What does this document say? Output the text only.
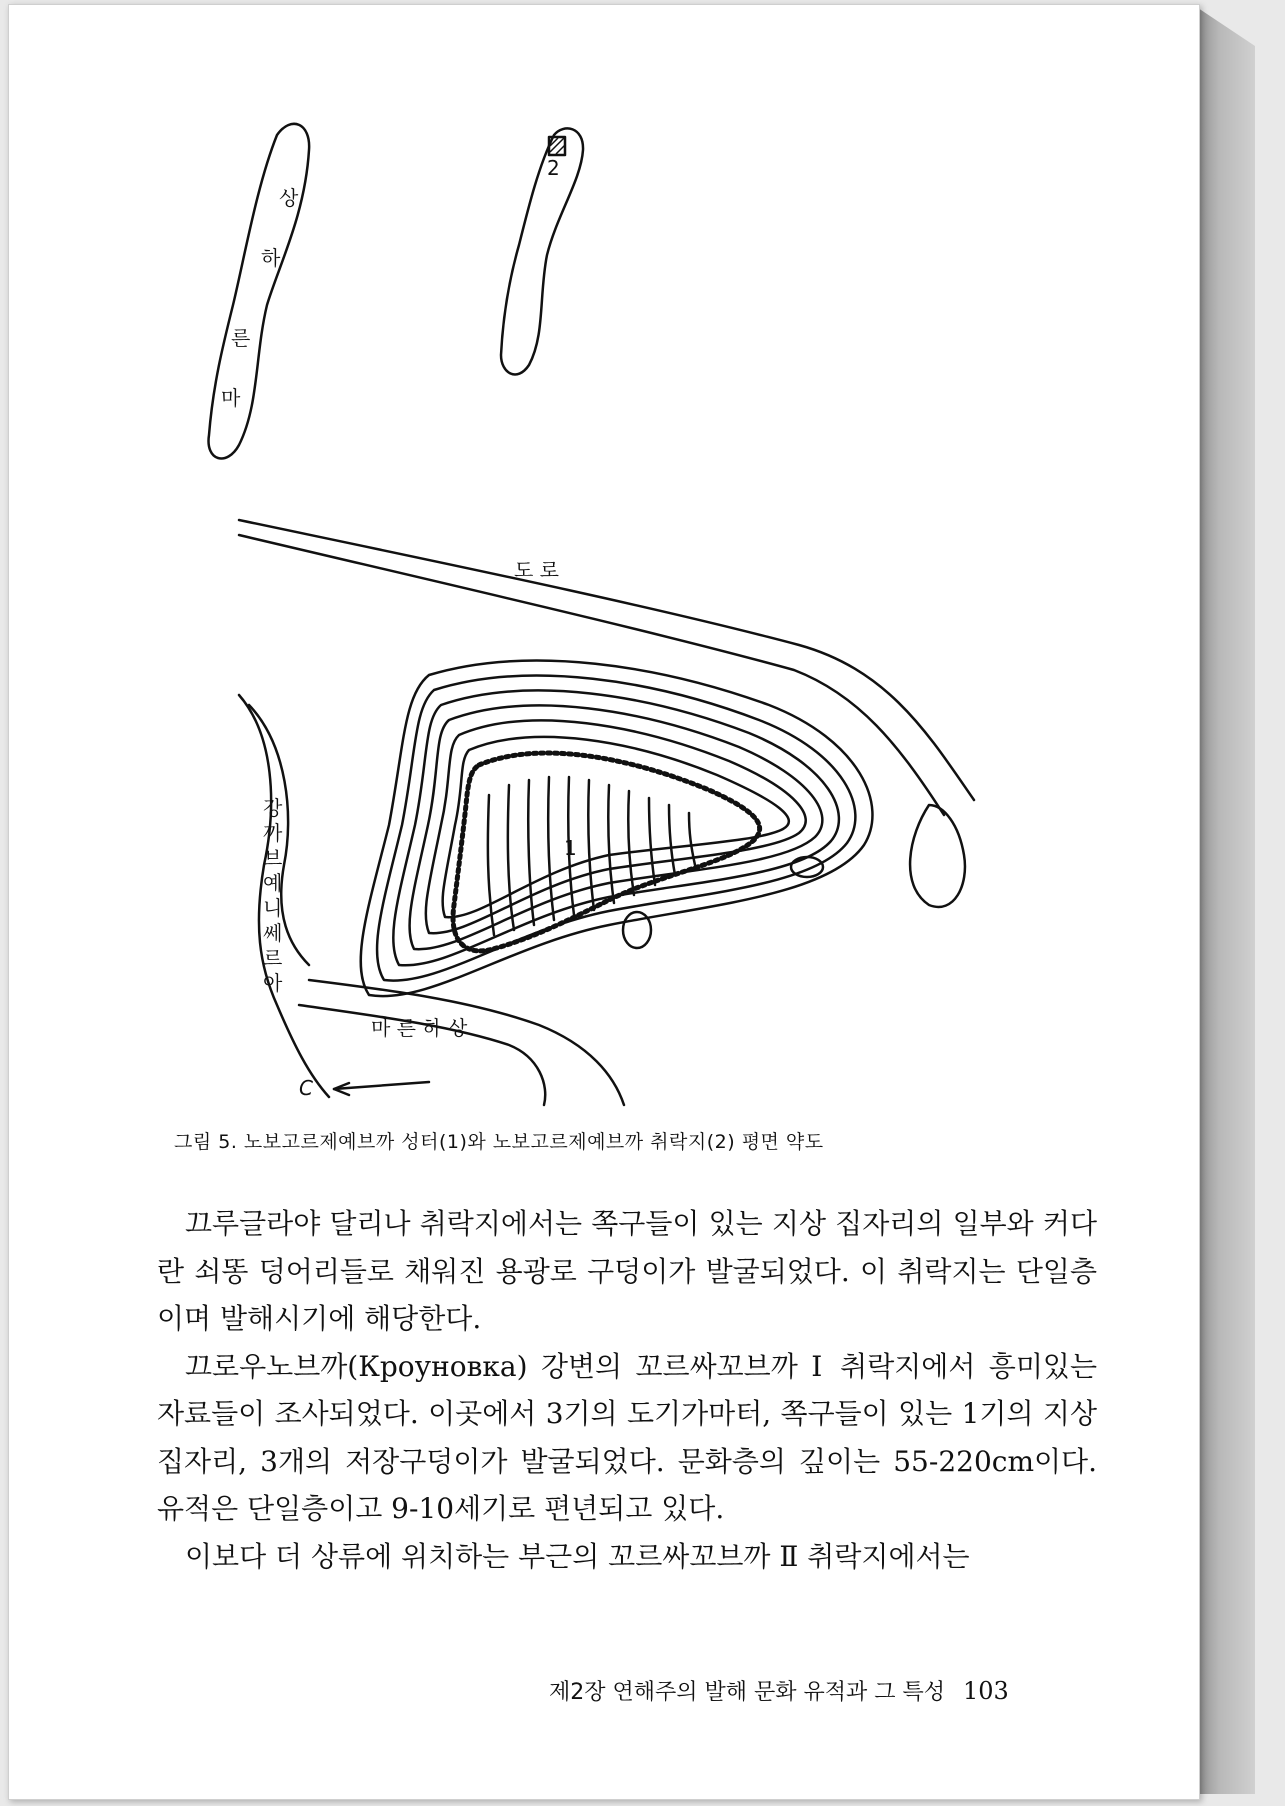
마
른
하
상
2
도 로
1
아
르
쎄
니
예
브
까
강
마 른 하 상
C
그림 5. 노보고르제예브까 성터(1)와 노보고르제예브까 취락지(2) 평면 약도

끄루글라야 달리나 취락지에서는 쪽구들이 있는 지상 집자리의 일부와 커다란 쇠똥 덩어리들로 채워진 용광로 구덩이가 발굴되었다. 이 취락지는 단일층이며 발해시기에 해당한다.

끄로우노브까(Кроуновка) 강변의 꼬르싸꼬브까 Ⅰ 취락지에서 흥미있는 자료들이 조사되었다. 이곳에서 3기의 도기가마터, 쪽구들이 있는 1기의 지상 집자리, 3개의 저장구덩이가 발굴되었다. 문화층의 깊이는 55-220cm이다. 유적은 단일층이고 9-10세기로 편년되고 있다.

이보다 더 상류에 위치하는 부근의 꼬르싸꼬브까 Ⅱ 취락지에서는

제2장 연해주의 발해 문화 유적과 그 특성 103
